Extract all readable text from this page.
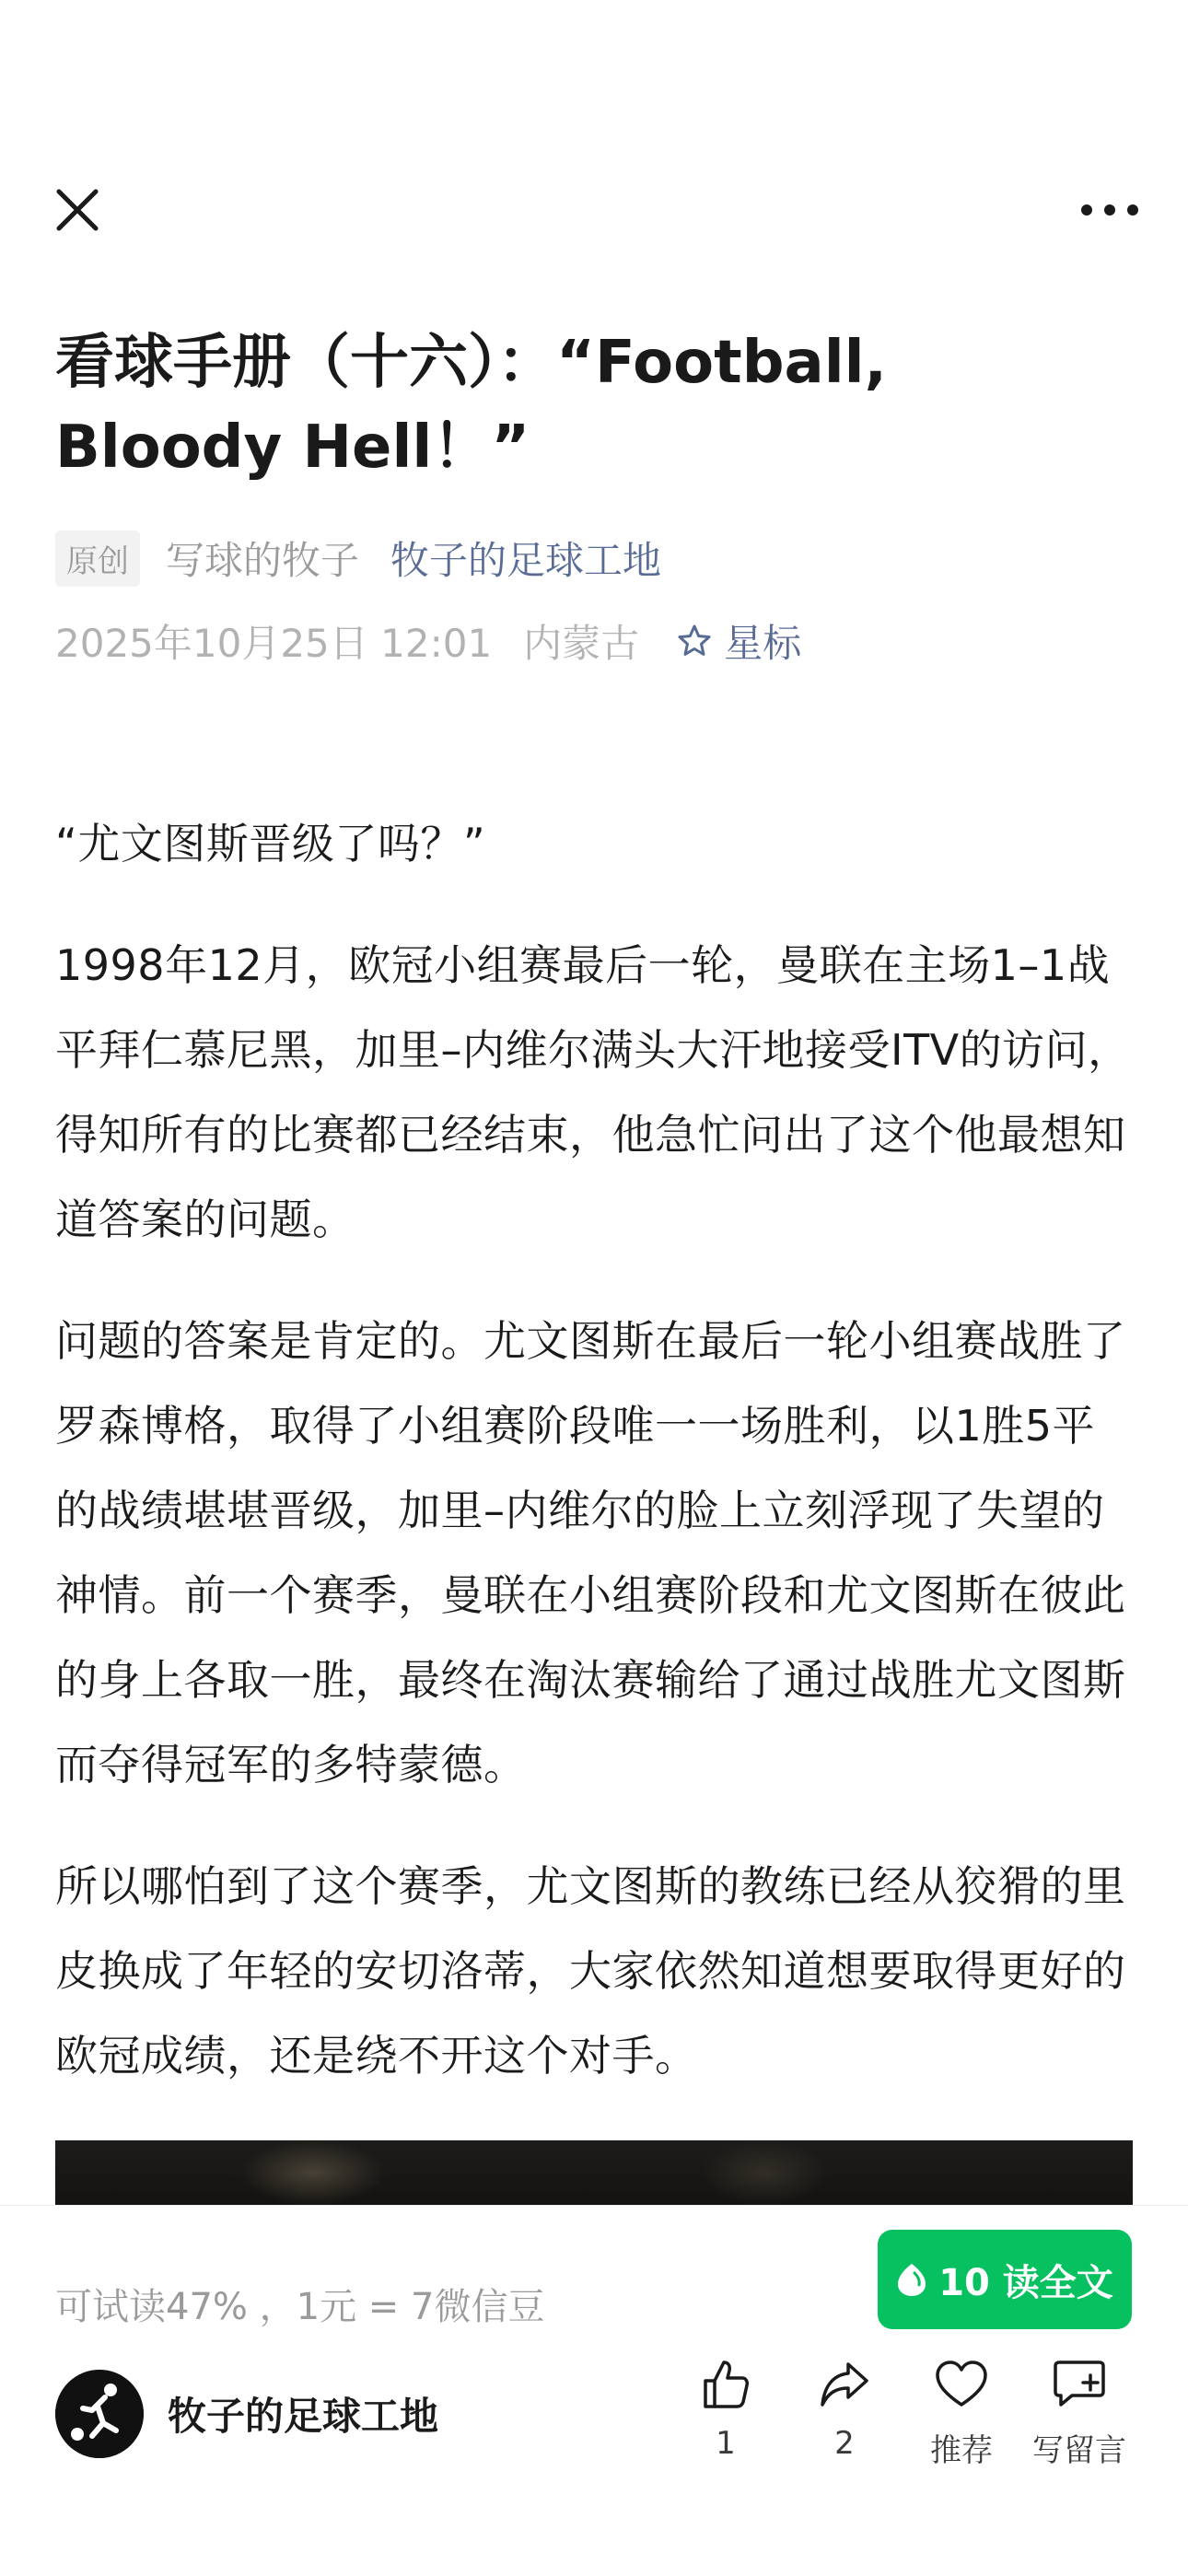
看球手册（十六）：“Football, Bloody Hell！”
原创 写球的牧子 牧子的足球工地
2025年10月25日 12:01 内蒙古 星标

“尤文图斯晋级了吗？”

1998年12月，欧冠小组赛最后一轮，曼联在主场1–1战平拜仁慕尼黑，加里–内维尔满头大汗地接受ITV的访问，得知所有的比赛都已经结束，他急忙问出了这个他最想知道答案的问题。

问题的答案是肯定的。尤文图斯在最后一轮小组赛战胜了罗森博格，取得了小组赛阶段唯一一场胜利，以1胜5平的战绩堪堪晋级，加里–内维尔的脸上立刻浮现了失望的神情。前一个赛季，曼联在小组赛阶段和尤文图斯在彼此的身上各取一胜，最终在淘汰赛输给了通过战胜尤文图斯而夺得冠军的多特蒙德。

所以哪怕到了这个赛季，尤文图斯的教练已经从狡猾的里皮换成了年轻的安切洛蒂，大家依然知道想要取得更好的欧冠成绩，还是绕不开这个对手。

可试读47% ，1元 = 7微信豆
10 读全文
牧子的足球工地
1	2	推荐	写留言
